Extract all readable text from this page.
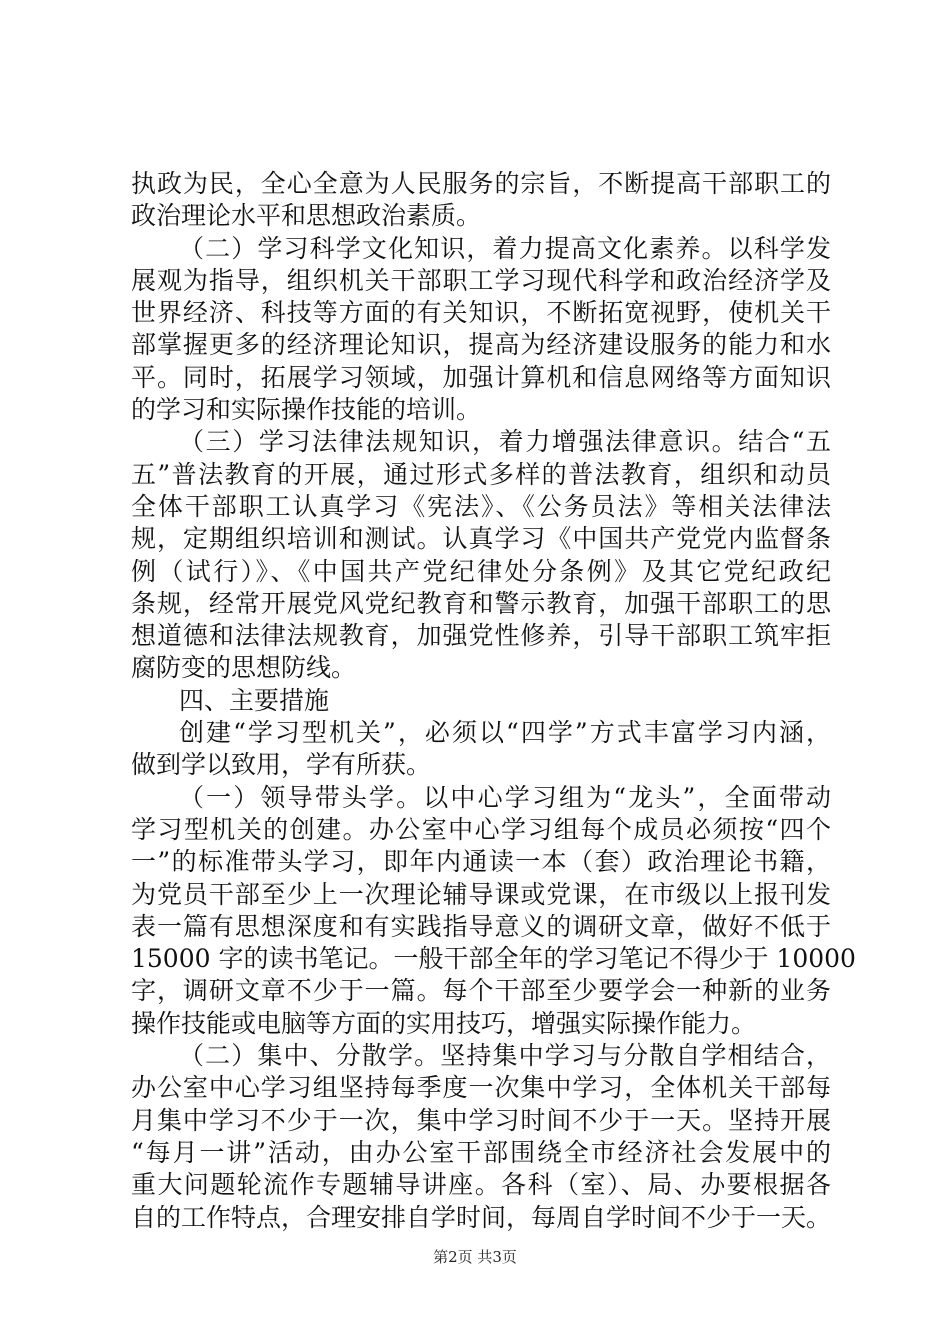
执政为民，全心全意为人民服务的宗旨，不断提高干部职工的
政治理论水平和思想政治素质。
（二）学习科学文化知识，着力提高文化素养。以科学发
展观为指导，组织机关干部职工学习现代科学和政治经济学及
世界经济、科技等方面的有关知识，不断拓宽视野，使机关干
部掌握更多的经济理论知识，提高为经济建设服务的能力和水
平。同时，拓展学习领域，加强计算机和信息网络等方面知识
的学习和实际操作技能的培训。
（三）学习法律法规知识，着力增强法律意识。结合“五
五”普法教育的开展，通过形式多样的普法教育，组织和动员
全体干部职工认真学习《宪法》、《公务员法》等相关法律法
规，定期组织培训和测试。认真学习《中国共产党党内监督条
例（试行）》、《中国共产党纪律处分条例》及其它党纪政纪
条规，经常开展党风党纪教育和警示教育，加强干部职工的思
想道德和法律法规教育，加强党性修养，引导干部职工筑牢拒
腐防变的思想防线。
四、主要措施
创建“学习型机关”，必须以“四学”方式丰富学习内涵，
做到学以致用，学有所获。
（一）领导带头学。以中心学习组为“龙头”，全面带动
学习型机关的创建。办公室中心学习组每个成员必须按“四个
一”的标准带头学习，即年内通读一本（套）政治理论书籍，
为党员干部至少上一次理论辅导课或党课，在市级以上报刊发
表一篇有思想深度和有实践指导意义的调研文章，做好不低于
15000 字的读书笔记。一般干部全年的学习笔记不得少于 10000
字，调研文章不少于一篇。每个干部至少要学会一种新的业务
操作技能或电脑等方面的实用技巧，增强实际操作能力。
（二）集中、分散学。坚持集中学习与分散自学相结合，
办公室中心学习组坚持每季度一次集中学习，全体机关干部每
月集中学习不少于一次，集中学习时间不少于一天。坚持开展
“每月一讲”活动，由办公室干部围绕全市经济社会发展中的
重大问题轮流作专题辅导讲座。各科（室）、局、办要根据各
自的工作特点，合理安排自学时间，每周自学时间不少于一天。
第2页 共3页
